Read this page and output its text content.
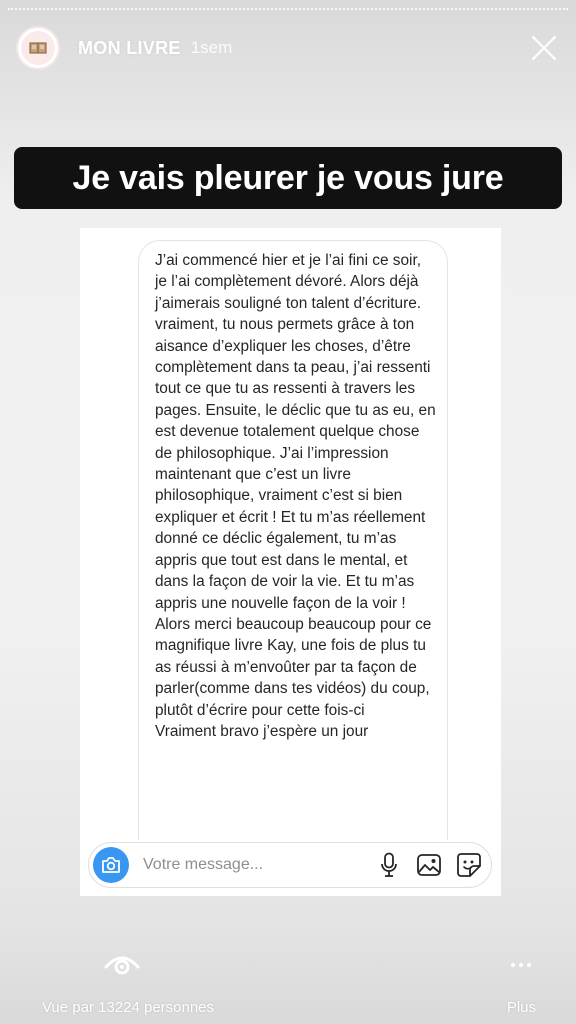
MON LIVRE 1sem
Je vais pleurer je vous jure
J’ai commencé hier et je l’ai fini ce soir, je l’ai complètement dévoré. Alors déjà j’aimerais souligné ton talent d’écriture. vraiment, tu nous permets grâce à ton aisance d’expliquer les choses, d’être complètement dans ta peau, j’ai ressenti tout ce que tu as ressenti à travers les pages. Ensuite, le déclic que tu as eu, en est devenue totalement quelque chose de philosophique. J’ai l’impression maintenant que c’est un livre philosophique, vraiment c’est si bien expliquer et écrit ! Et tu m’as réellement donné ce déclic également, tu m’as appris que tout est dans le mental, et dans la façon de voir la vie. Et tu m’as appris une nouvelle façon de la voir !
Alors merci beaucoup beaucoup pour ce magnifique livre Kay, une fois de plus tu as réussi à m’envoûter par ta façon de parler(comme dans tes vidéos) du coup, plutôt d’écrire pour cette fois-ci
Vraiment bravo j’espère un jour
Votre message...
Vue par 13224 personnes	Plus
